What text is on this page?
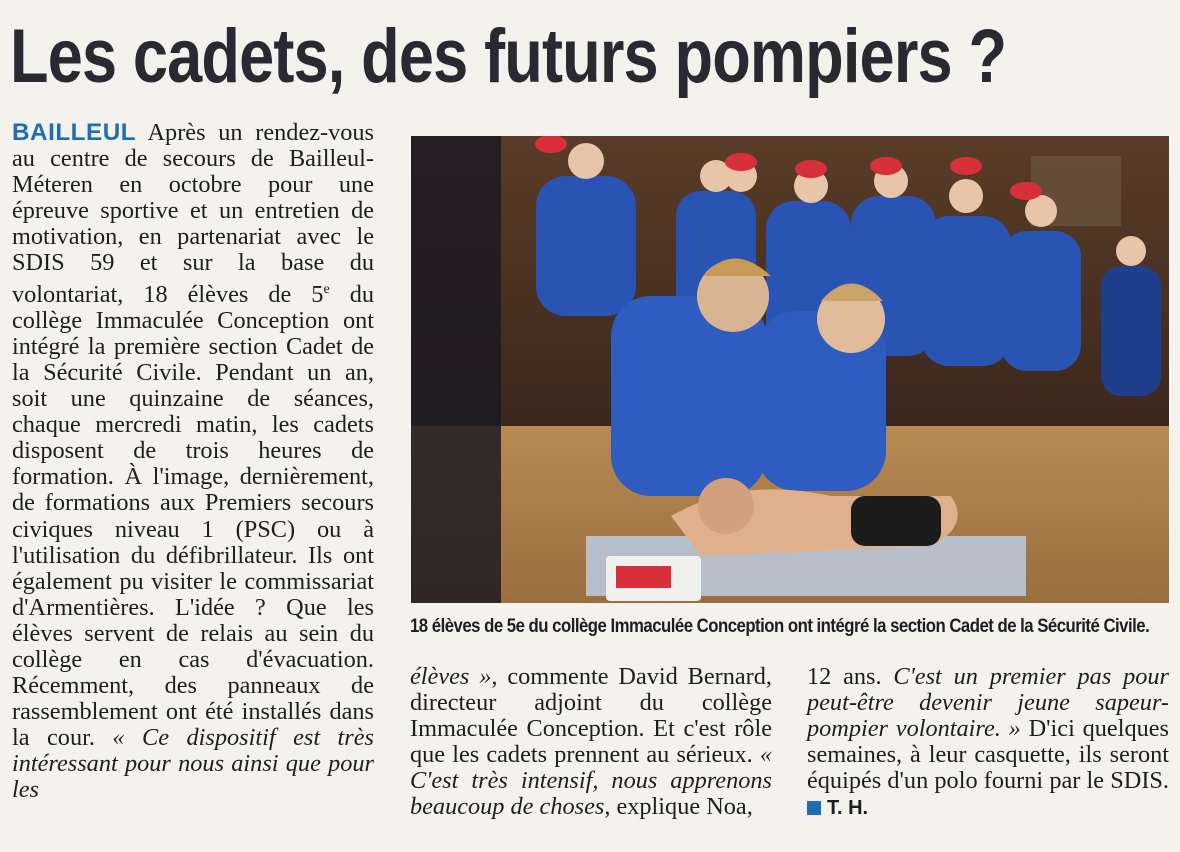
Les cadets, des futurs pompiers ?

BAILLEUL Après un rendez-vous au centre de secours de Bailleul-Méteren en octobre pour une épreuve sportive et un entretien de motivation, en partenariat avec le SDIS 59 et sur la base du volontariat, 18 élèves de 5e du collège Immaculée Conception ont intégré la première section Cadet de la Sécurité Civile. Pendant un an, soit une quinzaine de séances, chaque mercredi matin, les cadets disposent de trois heures de formation. À l'image, dernièrement, de formations aux Premiers secours civiques niveau 1 (PSC) ou à l'utilisation du défibrillateur. Ils ont également pu visiter le commissariat d'Armentières. L'idée ? Que les élèves servent de relais au sein du collège en cas d'évacuation. Récemment, des panneaux de rassemblement ont été installés dans la cour. « Ce dispositif est très intéressant pour nous ainsi que pour les

18 élèves de 5e du collège Immaculée Conception ont intégré la section Cadet de la Sécurité Civile.

élèves », commente David Bernard, directeur adjoint du collège Immaculée Conception. Et c'est rôle que les cadets prennent au sérieux. « C'est très intensif, nous apprenons beaucoup de choses, explique Noa,

12 ans. C'est un premier pas pour peut-être devenir jeune sapeur-pompier volontaire. » D'ici quelques semaines, à leur casquette, ils seront équipés d'un polo fourni par le SDIS. T. H.
